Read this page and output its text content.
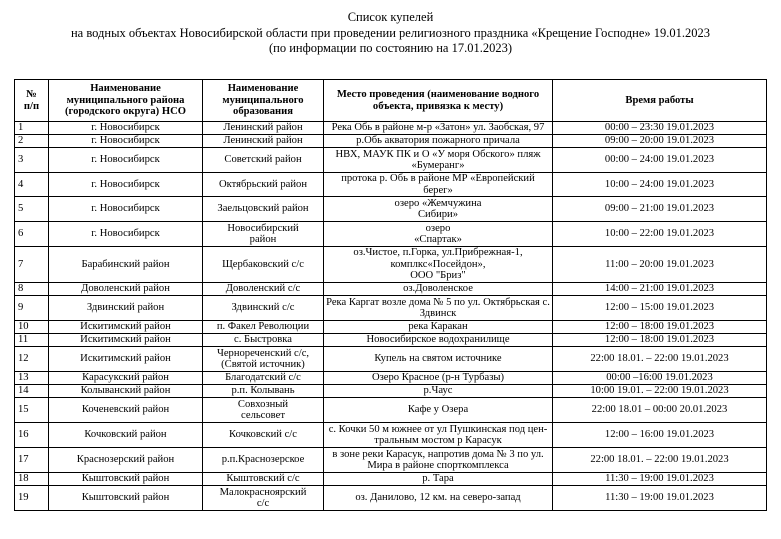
Список купелей
на водных объектах Новосибирской области при проведении религиозного праздника «Крещение Господне» 19.01.2023
(по информации по состоянию на 17.01.2023)
№
п/п	Наименование
муниципального района
(городского округа) НСО	Наименование
муниципального
образования	Место проведения (наименование водного
объекта, привязка к месту)	Время работы
1	г. Новосибирск	Ленинский район	Река Обь в районе м-р «Затон» ул. Заобская, 97	00:00 – 23:30 19.01.2023
2	г. Новосибирск	Ленинский район	р.Обь акватория пожарного причала	09:00 – 20:00 19.01.2023
3	г. Новосибирск	Советский район	НВХ, МАУК ПК и О «У моря Обского» пляж
«Бумеранг»	00:00 – 24:00 19.01.2023
4	г. Новосибирск	Октябрьский район	протока р. Обь в районе МР «Европейский берег»	10:00 – 24:00 19.01.2023
5	г. Новосибирск	Заельцовский район	озеро «Жемчужина
Сибири»	09:00 – 21:00 19.01.2023
6	г. Новосибирск	Новосибирский
район	озеро
«Спартак»	10:00 – 22:00 19.01.2023
7	Барабинский район	Щербаковский с/с	оз.Чистое, п.Горка, ул.Прибрежная-1,
комплкс«Посейдон»,
ООО "Бриз"	11:00 – 20:00 19.01.2023
8	Доволенский район	Доволенский с/с	оз.Доволенское	14:00 – 21:00 19.01.2023
9	Здвинский район	Здвинский с/с	Река Каргат возле дома № 5 по ул. Октябрьская с.
Здвинск	12:00 – 15:00 19.01.2023
10	Искитимский район	п. Факел Революции	река Каракан	12:00 – 18:00 19.01.2023
11	Искитимский район	с. Быстровка	Новосибирское водохранилище	12:00 – 18:00 19.01.2023
12	Искитимский район	Чернореченский с/с,
(Святой источник)	Купель на святом источнике	22:00 18.01. – 22:00 19.01.2023
13	Карасукский район	Благодатский с/с	Озеро Красное (р-н Турбазы)	00:00 –16:00 19.01.2023
14	Колыванский район	р.п. Колывань	р.Чаус	10:00 19.01. – 22:00 19.01.2023
15	Коченевский район	Совхозный
сельсовет	Кафе у Озера	22:00 18.01 – 00:00 20.01.2023
16	Кочковский район	Кочковский с/с	с. Кочки 50 м южнее от ул Пушкинская под цен-
тральным мостом р Карасук	12:00 – 16:00 19.01.2023
17	Краснозерский район	р.п.Краснозерское	в зоне реки Карасук, напротив дома № 3 по ул.
Мира в районе спорткомплекса	22:00 18.01. – 22:00 19.01.2023
18	Кыштовский район	Кыштовский с/с	р. Тара	11:30 – 19:00 19.01.2023
19	Кыштовский район	Малокрасноярский
с/с	оз. Данилово, 12 км. на северо-запад	11:30 – 19:00 19.01.2023
